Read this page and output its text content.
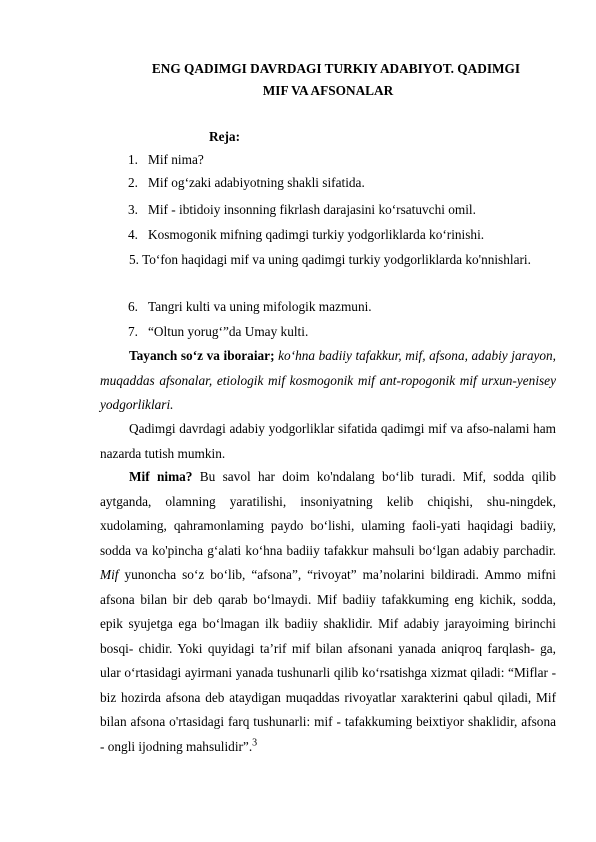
ENG QADIMGI DAVRDAGI TURKIY ADABIYOT. QADIMGI
MIF VA AFSONALAR
Reja:
1. Mif nima?
2. Mif og‘zaki adabiyotning shakli sifatida.
3. Mif - ibtidoiy insonning fikrlash darajasini ko‘rsatuvchi omil.
4. Kosmogonik mifning qadimgi turkiy yodgorliklarda ko‘rinishi.

5. To‘fon haqidagi mif va uning qadimgi turkiy yodgorliklarda ko'nnishlari.

6. Tangri kulti va uning mifologik mazmuni.
7. “Oltun yorug‘”da Umay kulti.

Tayanch so‘z va iboraiar; ko‘hna badiiy tafakkur, mif, afsona, adabiy jarayon, muqaddas afsonalar, etiologik mif kosmogonik mif ant-ropogonik mif urxun-yenisey yodgorliklari.

Qadimgi davrdagi adabiy yodgorliklar sifatida qadimgi mif va afso-nalami ham nazarda tutish mumkin.

Mif nima? Bu savol har doim ko'ndalang bo‘lib turadi. Mif, sodda qilib aytganda, olamning yaratilishi, insoniyatning kelib chiqishi, shu-ningdek, xudolaming, qahramonlaming paydo bo‘lishi, ulaming faoli-yati haqidagi badiiy, sodda va ko'pincha g‘alati ko‘hna badiiy tafakkur mahsuli bo‘lgan adabiy parchadir. Mif yunoncha so‘z bo‘lib, “afsona”, “rivoyat” ma’nolarini bildiradi. Ammo mifni afsona bilan bir deb qarab bo‘lmaydi. Mif badiiy tafakkuming eng kichik, sodda, epik syujetga ega bo‘lmagan ilk badiiy shaklidir. Mif adabiy jarayoiming birinchi bosqi- chidir. Yoki quyidagi ta’rif mif bilan afsonani yanada aniqroq farqlash- ga, ular o‘rtasidagi ayirmani yanada tushunarli qilib ko‘rsatishga xizmat qiladi: “Miflar - biz hozirda afsona deb ataydigan muqaddas rivoyatlar xarakterini qabul qiladi, Mif bilan afsona o'rtasidagi farq tushunarli: mif - tafakkuming beixtiyor shaklidir, afsona - ongli ijodning mahsulidir”.$^3$
